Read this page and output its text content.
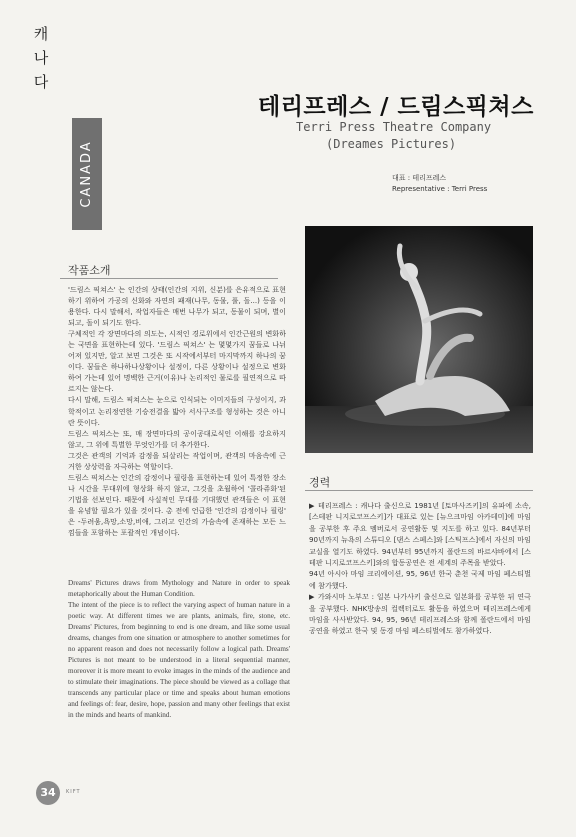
캐
나
다
CANADA
테리프레스 / 드림스픽쳐스
Terri Press Theatre Company
(Dreames Pictures)
대표 : 테리프레스
Representative : Terri Press
작품소개

'드림스 픽쳐스' 는 인간의 상태(인간의 지위, 신분)를 은유적으로 표현하기 위하여 가공의 신화와 자연의 패재(나무, 동물, 풀, 돌...) 등을 이용한다. 다시 말해서, 작업자들은 매번 나무가 되고, 동물이 되며, 별이 되고, 돌이 되기도 한다.

구체적인 각 장면마다의 의도는, 시적인 경로위에서 인간근원의 변화하는 국면을 표현하는데 있다. '드림스 픽쳐스' 는 몇몇가지 꿈들로 나뉘어져 있지만, 알고 보면 그것은 또 시작에서부터 마지막까지 하나의 꿈이다. 꿈들은 하나하나상황이나 설정이, 다른 상황이나 설정으로 변화하여 가는데 있어 명백한 근거(이유)나 논리적인 물로를 필연적으로 따르지는 않는다.

다시 말해, 드림스 픽쳐스는 눈으로 인식되는 이미지들의 구성이지, 과학적이고 논리정연한 기승전결을 밟아 서사구조를 형성하는 것은 아니란 뜻이다.

드림스 픽쳐스는 또, 매 장면마다의 공이공대로식인 이해를 강요하지 않고, 그 위에 특별한 무엇인가를 더 추가한다.

그것은 관객의 기억과 감정을 되살리는 작업이며, 관객의 마음속에 근거한 상상력을 자극하는 역할이다.

드림스 픽쳐스는 인간의 감정이나 필링을 표현하는데 있어 특정한 장소나 시간을 무대위에 형상화 하지 않고, 그것을 초월하여 '콜라쥬화'된 기법을 선보인다. 때문에 사실적인 무대를 기대했던 관객들은 이 표현을 유념할 필요가 있을 것이다. 총 전에 언급한 '인간의 감정이나 필링' 은 -두려움,욕망,소망,비애, 그리고 인간의 가슴속에 존재하는 모든 느낌들을 포함하는 포괄적인 개념이다.

Dreams' Pictures draws from Mythology and Nature in order to speak metaphorically about the Human Condition.

The intent of the piece is to reflect the varying aspect of human nature in a poetic way. At different times we are plants, animals, fire, stone, etc. Dreams' Pictures, from beginning to end is one dream, and like some usual dreams, changes from one situation or atmosphere to another sometimes for no apparent reason and does not necessarily follow a logical path. Dreams' Pictures is not meant to be understood in a literal sequential manner, moreover it is more meant to evoke images in the minds of the audience and to stimulate their imaginations. The piece should be viewed as a collage that transcends any particular place or time and speaks about human emotions and feelings of: fear, desire, hope, passion and many other feelings that exist in the minds and hearts of mankind.

경력

▶ 테리프레스 : 캐나다 출신으로 1981년 [토마사즈키]의 유파에 소속, [스테판 니지로코프스키]가 대표로 있는 [뉴으크마임 아카데미]에 마임을 공부한 후 주요 멤버로서 공연활동 및 지도를 하고 있다. 84년부터 90년까지 뉴욕의 스튜디오 [댄스 스페스]와 [스틱프스]에서 자신의 마임 교실을 열기도 하였다. 94년부터 95년까지 폴란드의 바르샤바에서 [스테판 니지로코프스키]와의 합동공연은 전 세계의 주목을 받았다.

94년 아시아 마임 크리에이션, 95, 96년 한국 춘천 국제 마임 페스티벌에 참가했다.

▶ 가와시마 노부꼬 : 일본 나가사키 출신으로 일본화를 공부한 뒤 연극을 공부했다. NHK방송의 컬렉터로도 활동을 하였으며 테리프레스에게 마임을 사사받았다. 94, 95, 96년 테리프레스와 함께 폴란드에서 마임 공연을 하였고 한국 및 동경 마임 페스티벌에도 참가하였다.

34	KIFT
